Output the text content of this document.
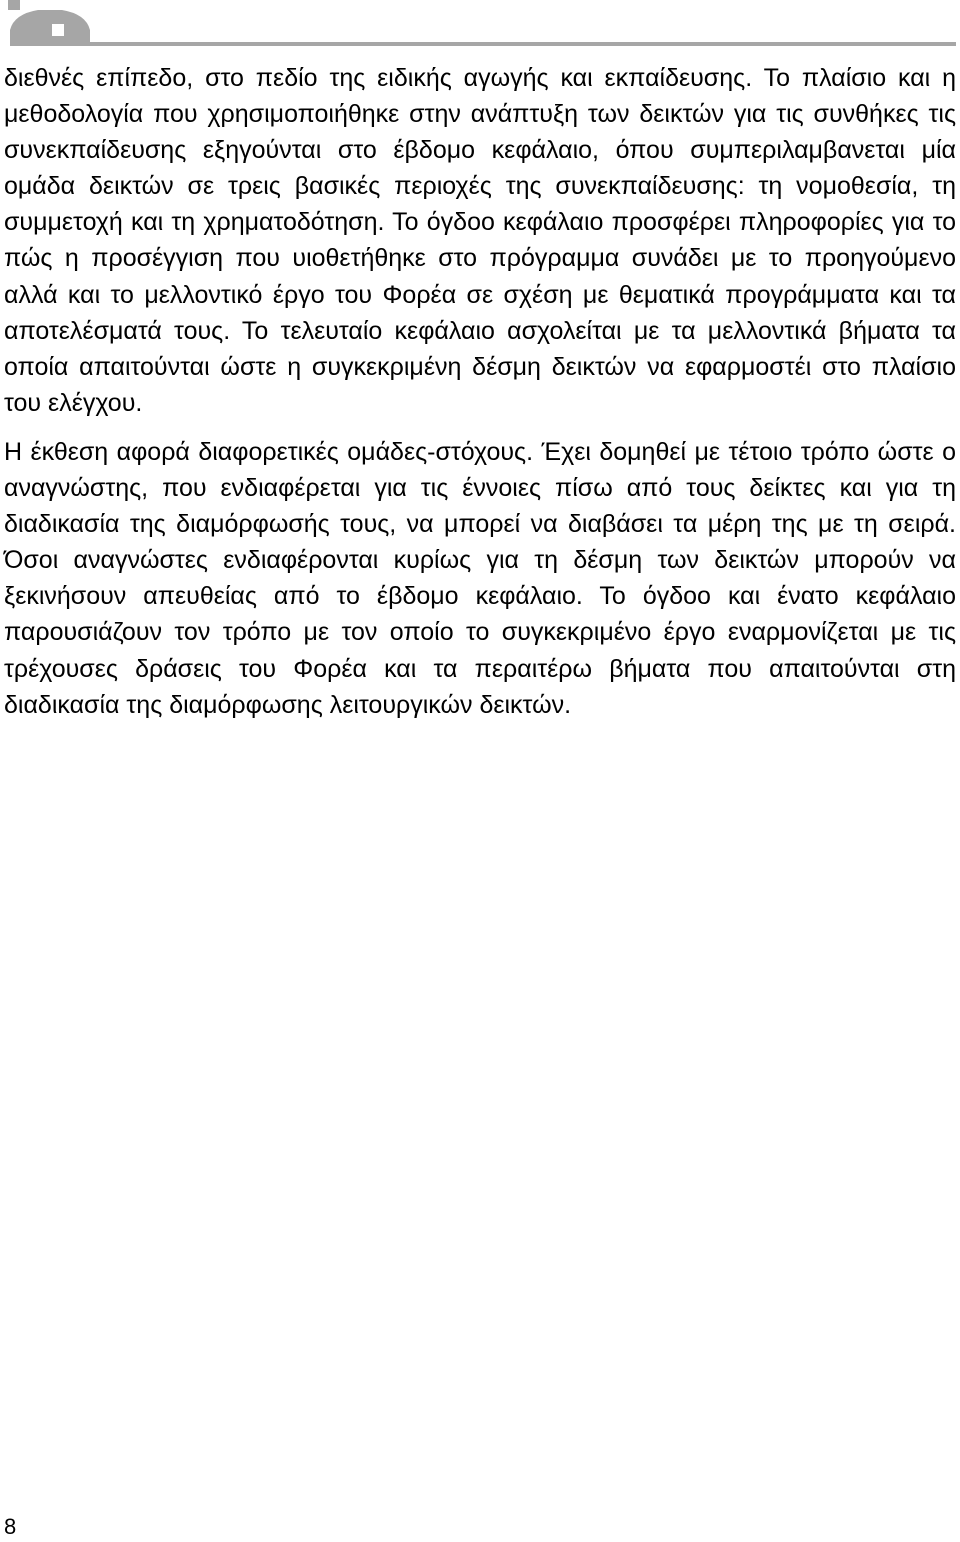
διεθνές επίπεδο, στο πεδίο της ειδικής αγωγής και εκπαίδευσης. Το πλαίσιο και η μεθοδολογία που χρησιμοποιήθηκε στην ανάπτυξη των δεικτών για τις συνθήκες τις συνεκπαίδευσης εξηγούνται στο έβδομο κεφάλαιο, όπου συμπεριλαμβανεται μία ομάδα δεικτών σε τρεις βασικές περιοχές της συνεκπαίδευσης: τη νομοθεσία, τη συμμετοχή και τη χρηματοδότηση. Το όγδοο κεφάλαιο προσφέρει πληροφορίες για το πώς η προσέγγιση που υιοθετήθηκε στο πρόγραμμα συνάδει με το προηγούμενο αλλά και το μελλοντικό έργο του Φορέα σε σχέση με θεματικά προγράμματα και τα αποτελέσματά τους. Το τελευταίο κεφάλαιο ασχολείται με τα μελλοντικά βήματα τα οποία απαιτούνται ώστε η συγκεκριμένη δέσμη δεικτών να εφαρμοστέι στο πλαίσιο του ελέγχου.

Η έκθεση αφορά διαφορετικές ομάδες-στόχους. Έχει δομηθεί με τέτοιο τρόπο ώστε ο αναγνώστης, που ενδιαφέρεται για τις έννοιες πίσω από τους δείκτες και για τη διαδικασία της διαμόρφωσής τους, να μπορεί να διαβάσει τα μέρη της με τη σειρά. Όσοι αναγνώστες ενδιαφέρονται κυρίως για τη δέσμη των δεικτών μπορούν να ξεκινήσουν απευθείας από το έβδομο κεφάλαιο. Το όγδοο και ένατο κεφάλαιο παρουσιάζουν τον τρόπο με τον οποίο το συγκεκριμένο έργο εναρμονίζεται με τις τρέχουσες δράσεις του Φορέα και τα περαιτέρω βήματα που απαιτούνται στη διαδικασία της διαμόρφωσης λειτουργικών δεικτών.

8
